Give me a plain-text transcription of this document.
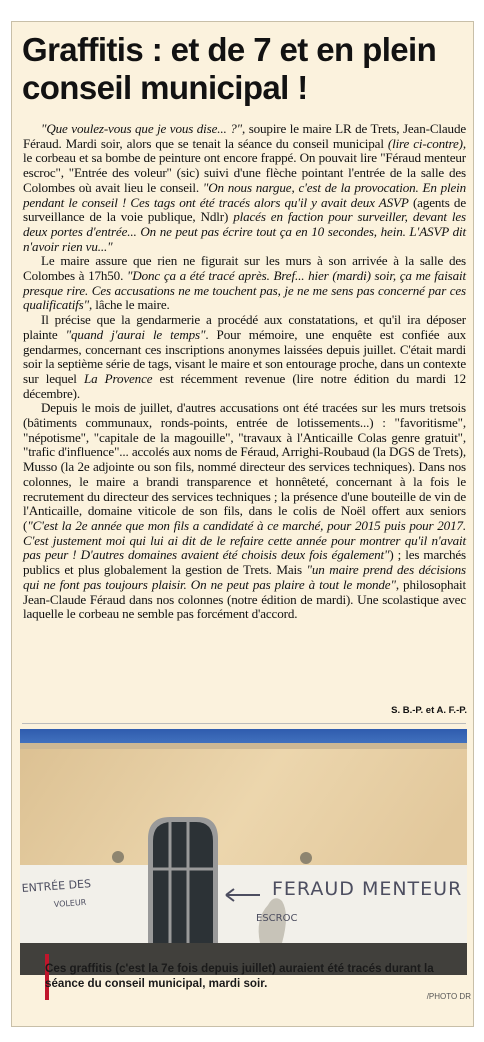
Graffitis : et de 7 et en plein conseil municipal !

"Que voulez-vous que je vous dise... ?", soupire le maire LR de Trets, Jean-Claude Féraud. Mardi soir, alors que se tenait la séance du conseil municipal (lire ci-contre), le corbeau et sa bombe de peinture ont encore frappé. On pouvait lire "Féraud menteur escroc", "Entrée des voleur" (sic) suivi d'une flèche pointant l'entrée de la salle des Colombes où avait lieu le conseil. "On nous nargue, c'est de la provocation. En plein pendant le conseil ! Ces tags ont été tracés alors qu'il y avait deux ASVP (agents de surveillance de la voie publique, Ndlr) placés en faction pour surveiller, devant les deux portes d'entrée... On ne peut pas écrire tout ça en 10 secondes, hein. L'ASVP dit n'avoir rien vu..."

Le maire assure que rien ne figurait sur les murs à son arrivée à la salle des Colombes à 17h50. "Donc ça a été tracé après. Bref... hier (mardi) soir, ça me faisait presque rire. Ces accusations ne me touchent pas, je ne me sens pas concerné par ces qualificatifs", lâche le maire.

Il précise que la gendarmerie a procédé aux constatations, et qu'il ira déposer plainte "quand j'aurai le temps". Pour mémoire, une enquête est confiée aux gendarmes, concernant ces inscriptions anonymes laissées depuis juillet. C'était mardi soir la septième série de tags, visant le maire et son entourage proche, dans un contexte sur lequel La Provence est récemment revenue (lire notre édition du mardi 12 décembre).

Depuis le mois de juillet, d'autres accusations ont été tracées sur les murs tretsois (bâtiments communaux, ronds-points, entrée de lotissements...) : "favoritisme", "népotisme", "capitale de la magouille", "travaux à l'Anticaille Colas genre gratuit", "trafic d'influence"... accolés aux noms de Féraud, Arrighi-Roubaud (la DGS de Trets), Musso (la 2e adjointe ou son fils, nommé directeur des services techniques). Dans nos colonnes, le maire a brandi transparence et honnêteté, concernant à la fois le recrutement du directeur des services techniques ; la présence d'une bouteille de vin de l'Anticaille, domaine viticole de son fils, dans le colis de Noël offert aux seniors ("C'est la 2e année que mon fils a candidaté à ce marché, pour 2015 puis pour 2017. C'est justement moi qui lui ai dit de le refaire cette année pour montrer qu'il n'avait pas peur ! D'autres domaines avaient été choisis deux fois également") ; les marchés publics et plus globalement la gestion de Trets. Mais "un maire prend des décisions qui ne font pas toujours plaisir. On ne peut pas plaire à tout le monde", philosophait Jean-Claude Féraud dans nos colonnes (notre édition de mardi). Une scolastique avec laquelle le corbeau ne semble pas forcément d'accord.

S. B.-P. et A. F.-P.
ENTRÉE DES
VOLEUR
FERAUD MENTEUR
ESCROC

Ces graffitis (c'est la 7e fois depuis juillet) auraient été tracés durant la séance du conseil municipal, mardi soir.

/PHOTO DR
